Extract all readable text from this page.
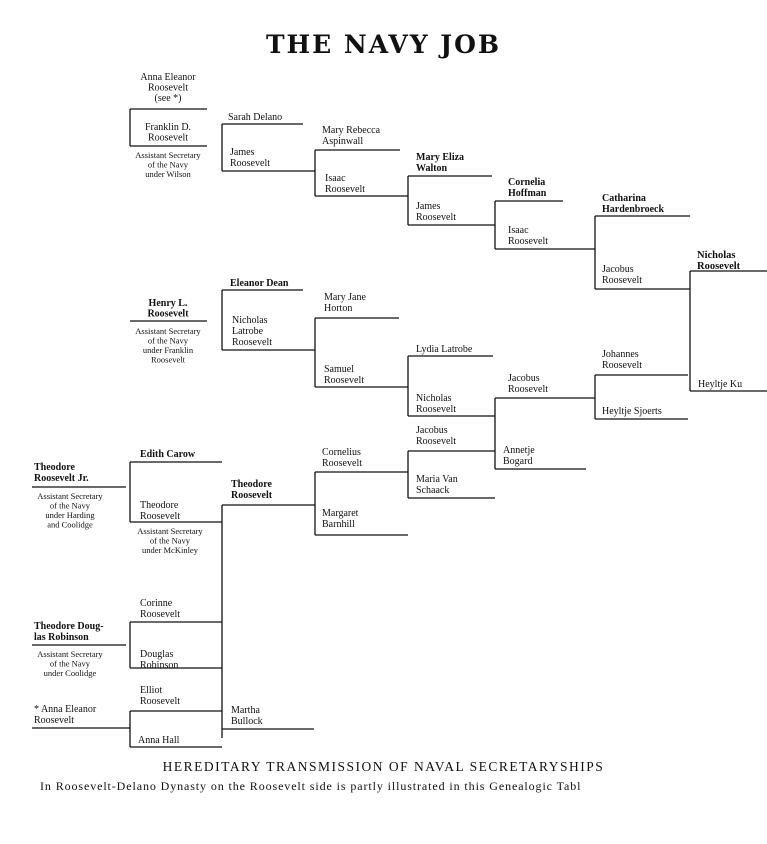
THE NAVY JOB
Anna Eleanor
Roosevelt
(see *)
Franklin D.
Roosevelt
Assistant Secretary
of the Navy
under Wilson
Sarah Delano
James
Roosevelt
Mary Rebecca
Aspinwall
Isaac
Roosevelt
Mary Eliza
Walton
James
Roosevelt
Cornelia
Hoffman
Isaac
Roosevelt
Catharina
Hardenbroeck
Jacobus
Roosevelt
Nicholas
Roosevelt
Heyltje Ku
Henry L.
Roosevelt
Assistant Secretary
of the Navy
under Franklin
Roosevelt
Eleanor Dean
Nicholas
Latrobe
Roosevelt
Mary Jane
Horton
Samuel
Roosevelt
Lydia Latrobe
Nicholas
Roosevelt
Jacobus
Roosevelt
Johannes
Roosevelt
Heyltje Sjoerts
Annetje
Bogard
Jacobus
Roosevelt
Maria Van
Schaack
Cornelius
Roosevelt
Margaret
Barnhill
Theodore
Roosevelt
Martha
Bullock
Edith Carow
Theodore
Roosevelt
Assistant Secretary
of the Navy
under McKinley
Theodore
Roosevelt Jr.
Assistant Secretary
of the Navy
under Harding
and Coolidge
Corinne
Roosevelt
Douglas
Robinson
Theodore Doug-
las Robinson
Assistant Secretary
of the Navy
under Coolidge
Elliot
Roosevelt
Anna Hall
* Anna Eleanor
Roosevelt
HEREDITARY TRANSMISSION OF NAVAL SECRETARYSHIPS
In Roosevelt-Delano Dynasty on the Roosevelt side is partly illustrated in this Genealogic Tabl
